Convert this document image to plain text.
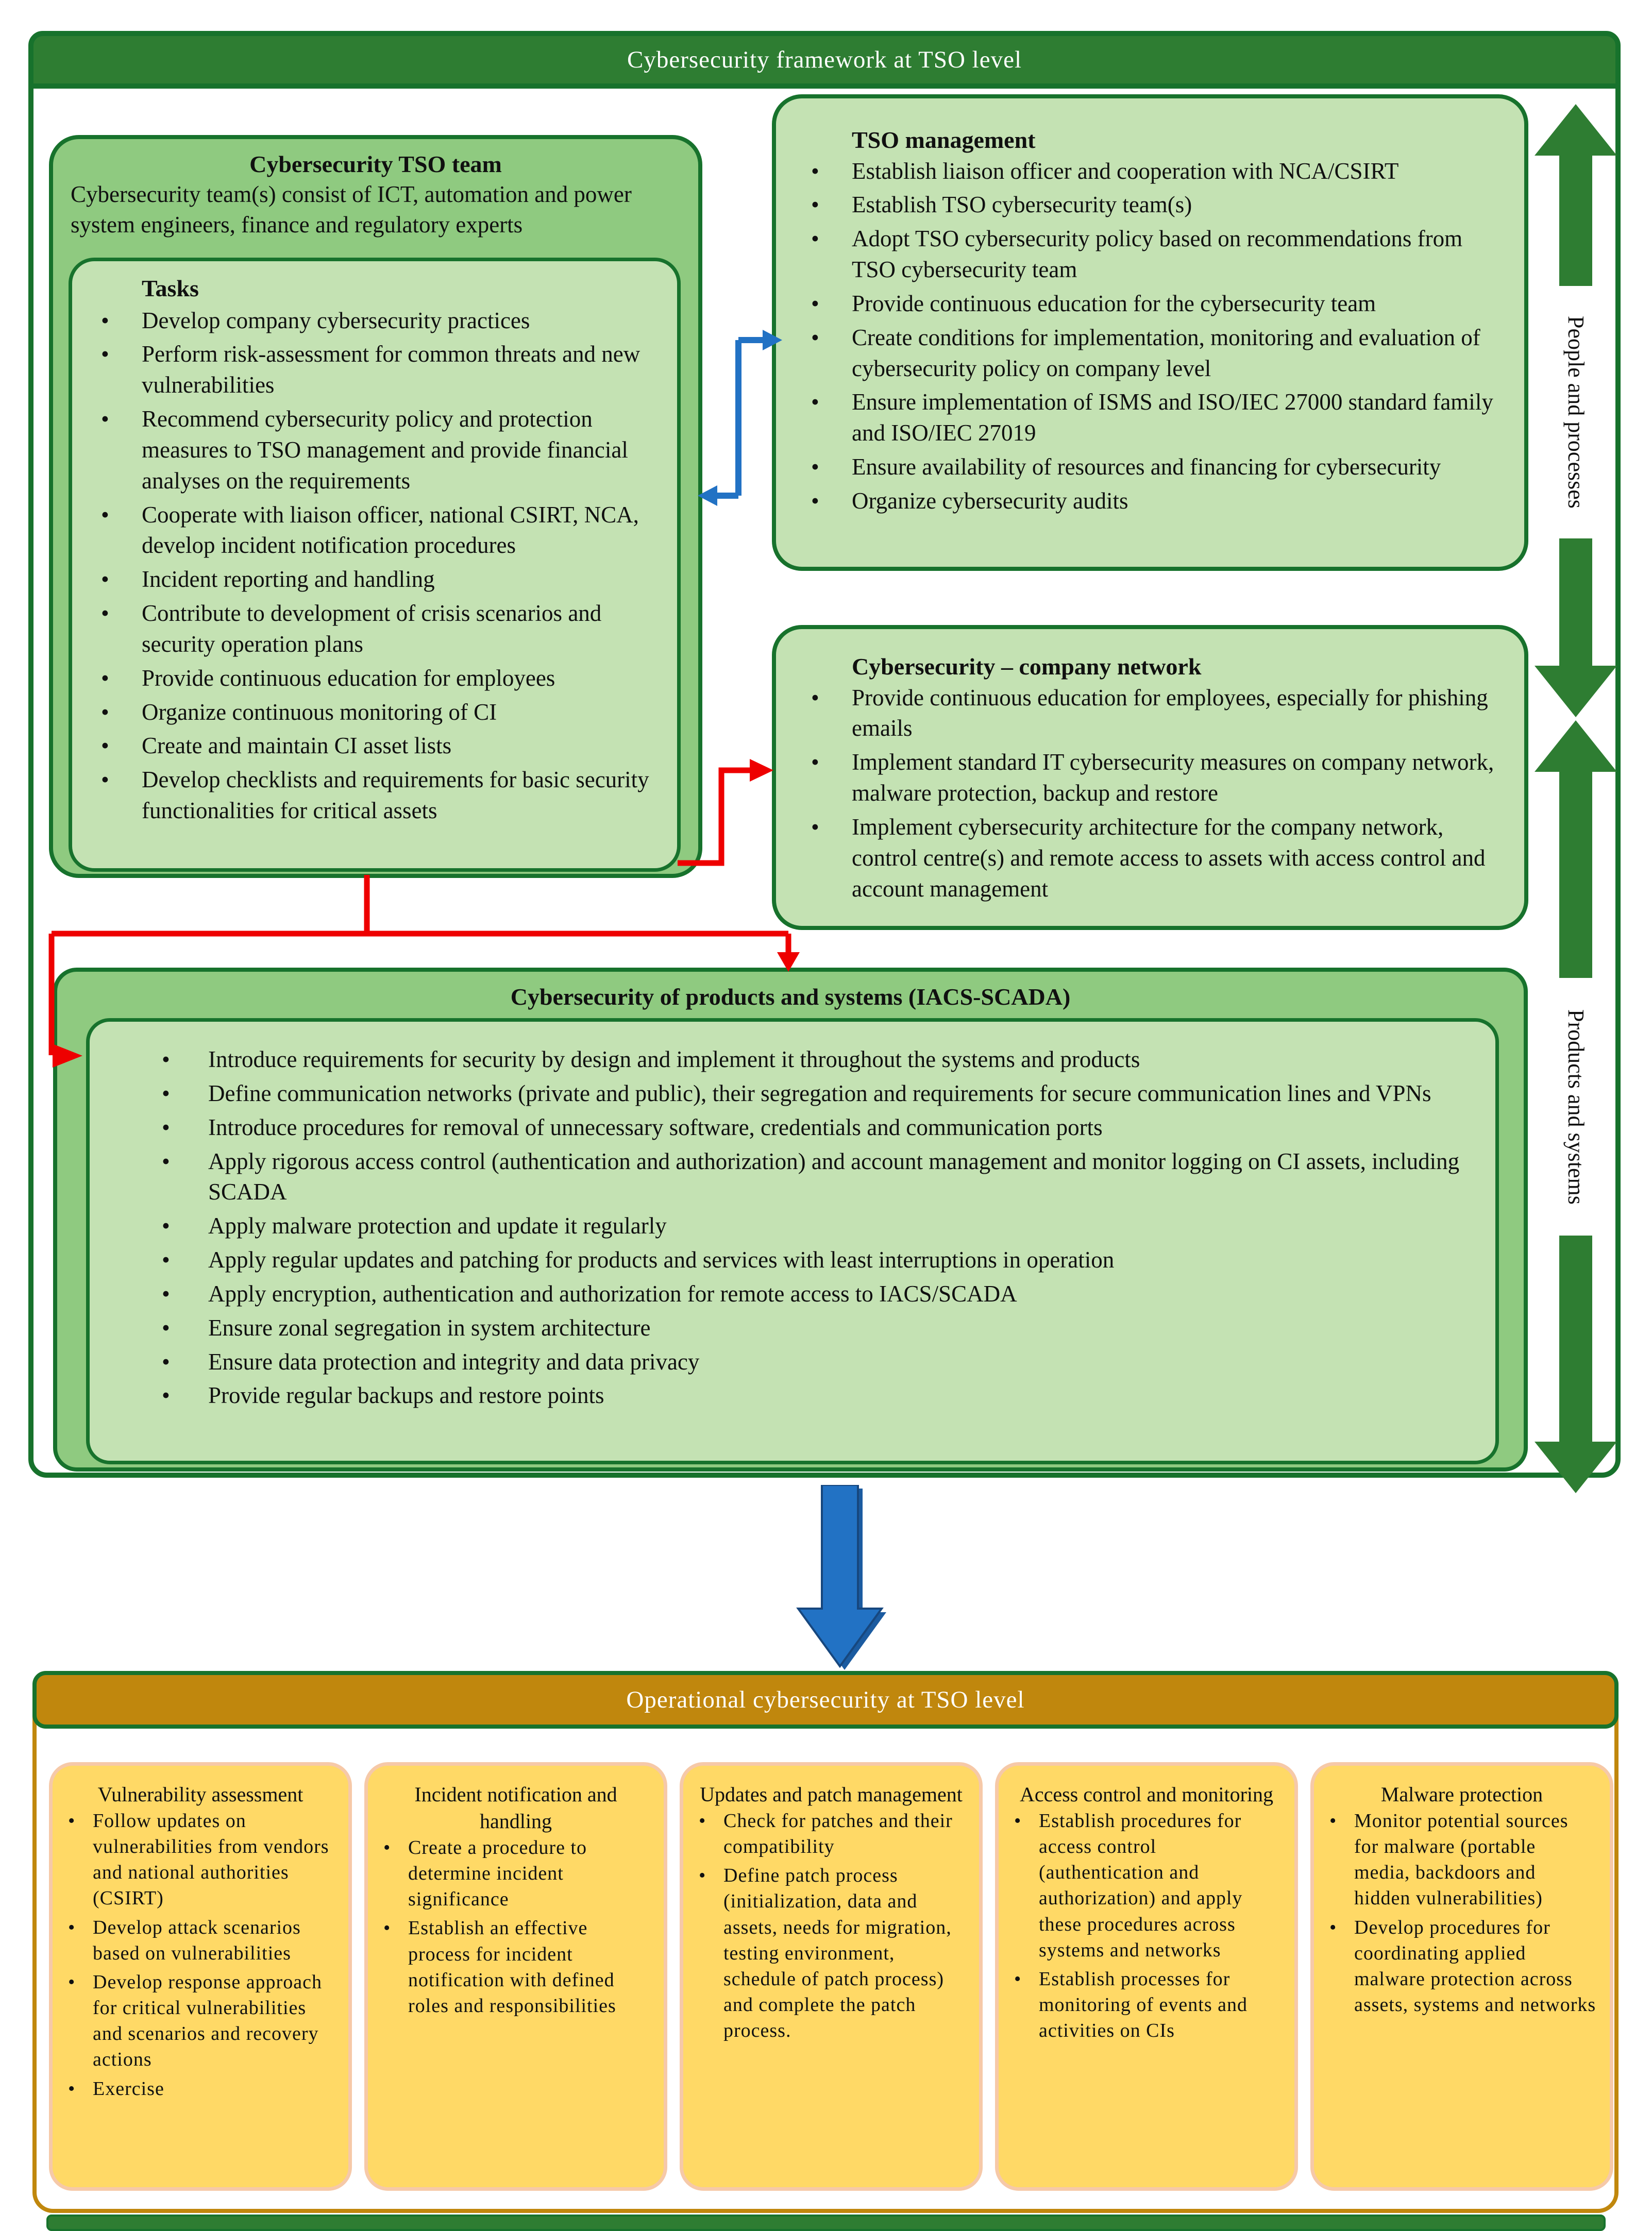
Cybersecurity framework at TSO level
Cybersecurity TSO team
Cybersecurity team(s) consist of ICT, automation and power system engineers, finance and regulatory experts
Tasks
• Develop company cybersecurity practices
• Perform risk-assessment for common threats and new vulnerabilities
• Recommend cybersecurity policy and protection measures to TSO management and provide financial analyses on the requirements
• Cooperate with liaison officer, national CSIRT, NCA, develop incident notification procedures
• Incident reporting and handling
• Contribute to development of crisis scenarios and security operation plans
• Provide continuous education for employees
• Organize continuous monitoring of CI
• Create and maintain CI asset lists
• Develop checklists and requirements for basic security functionalities for critical assets
TSO management
• Establish liaison officer and cooperation with NCA/CSIRT
• Establish TSO cybersecurity team(s)
• Adopt TSO cybersecurity policy based on recommendations from TSO cybersecurity team
• Provide continuous education for the cybersecurity team
• Create conditions for implementation, monitoring and evaluation of cybersecurity policy on company level
• Ensure implementation of ISMS and ISO/IEC 27000 standard family and ISO/IEC 27019
• Ensure availability of resources and financing for cybersecurity
• Organize cybersecurity audits
Cybersecurity – company network
• Provide continuous education for employees, especially for phishing emails
• Implement standard IT cybersecurity measures on company network, malware protection, backup and restore
• Implement cybersecurity architecture for the company network, control centre(s) and remote access to assets with access control and account management
Cybersecurity of products and systems (IACS-SCADA)
• Introduce requirements for security by design and implement it throughout the systems and products
• Define communication networks (private and public), their segregation and requirements for secure communication lines and VPNs
• Introduce procedures for removal of unnecessary software, credentials and communication ports
• Apply rigorous access control (authentication and authorization) and account management and monitor logging on CI assets, including SCADA
• Apply malware protection and update it regularly
• Apply regular updates and patching for products and services with least interruptions in operation
• Apply encryption, authentication and authorization for remote access to IACS/SCADA
• Ensure zonal segregation in system architecture
• Ensure data protection and integrity and data privacy
• Provide regular backups and restore points
People and processes
Products and systems
Operational cybersecurity at TSO level
Vulnerability assessment
• Follow updates on vulnerabilities from vendors and national authorities (CSIRT)
• Develop attack scenarios based on vulnerabilities
• Develop response approach for critical vulnerabilities and scenarios and recovery actions
• Exercise
Incident notification and handling
• Create a procedure to determine incident significance
• Establish an effective process for incident notification with defined roles and responsibilities
Updates and patch management
• Check for patches and their compatibility
• Define patch process (initialization, data and assets, needs for migration, testing environment, schedule of patch process) and complete the patch process.
Access control and monitoring
• Establish procedures for access control (authentication and authorization) and apply these procedures across systems and networks
• Establish processes for monitoring of events and activities on CIs
Malware protection
• Monitor potential sources for malware (portable media, backdoors and hidden vulnerabilities)
• Develop procedures for coordinating applied malware protection across assets, systems and networks
